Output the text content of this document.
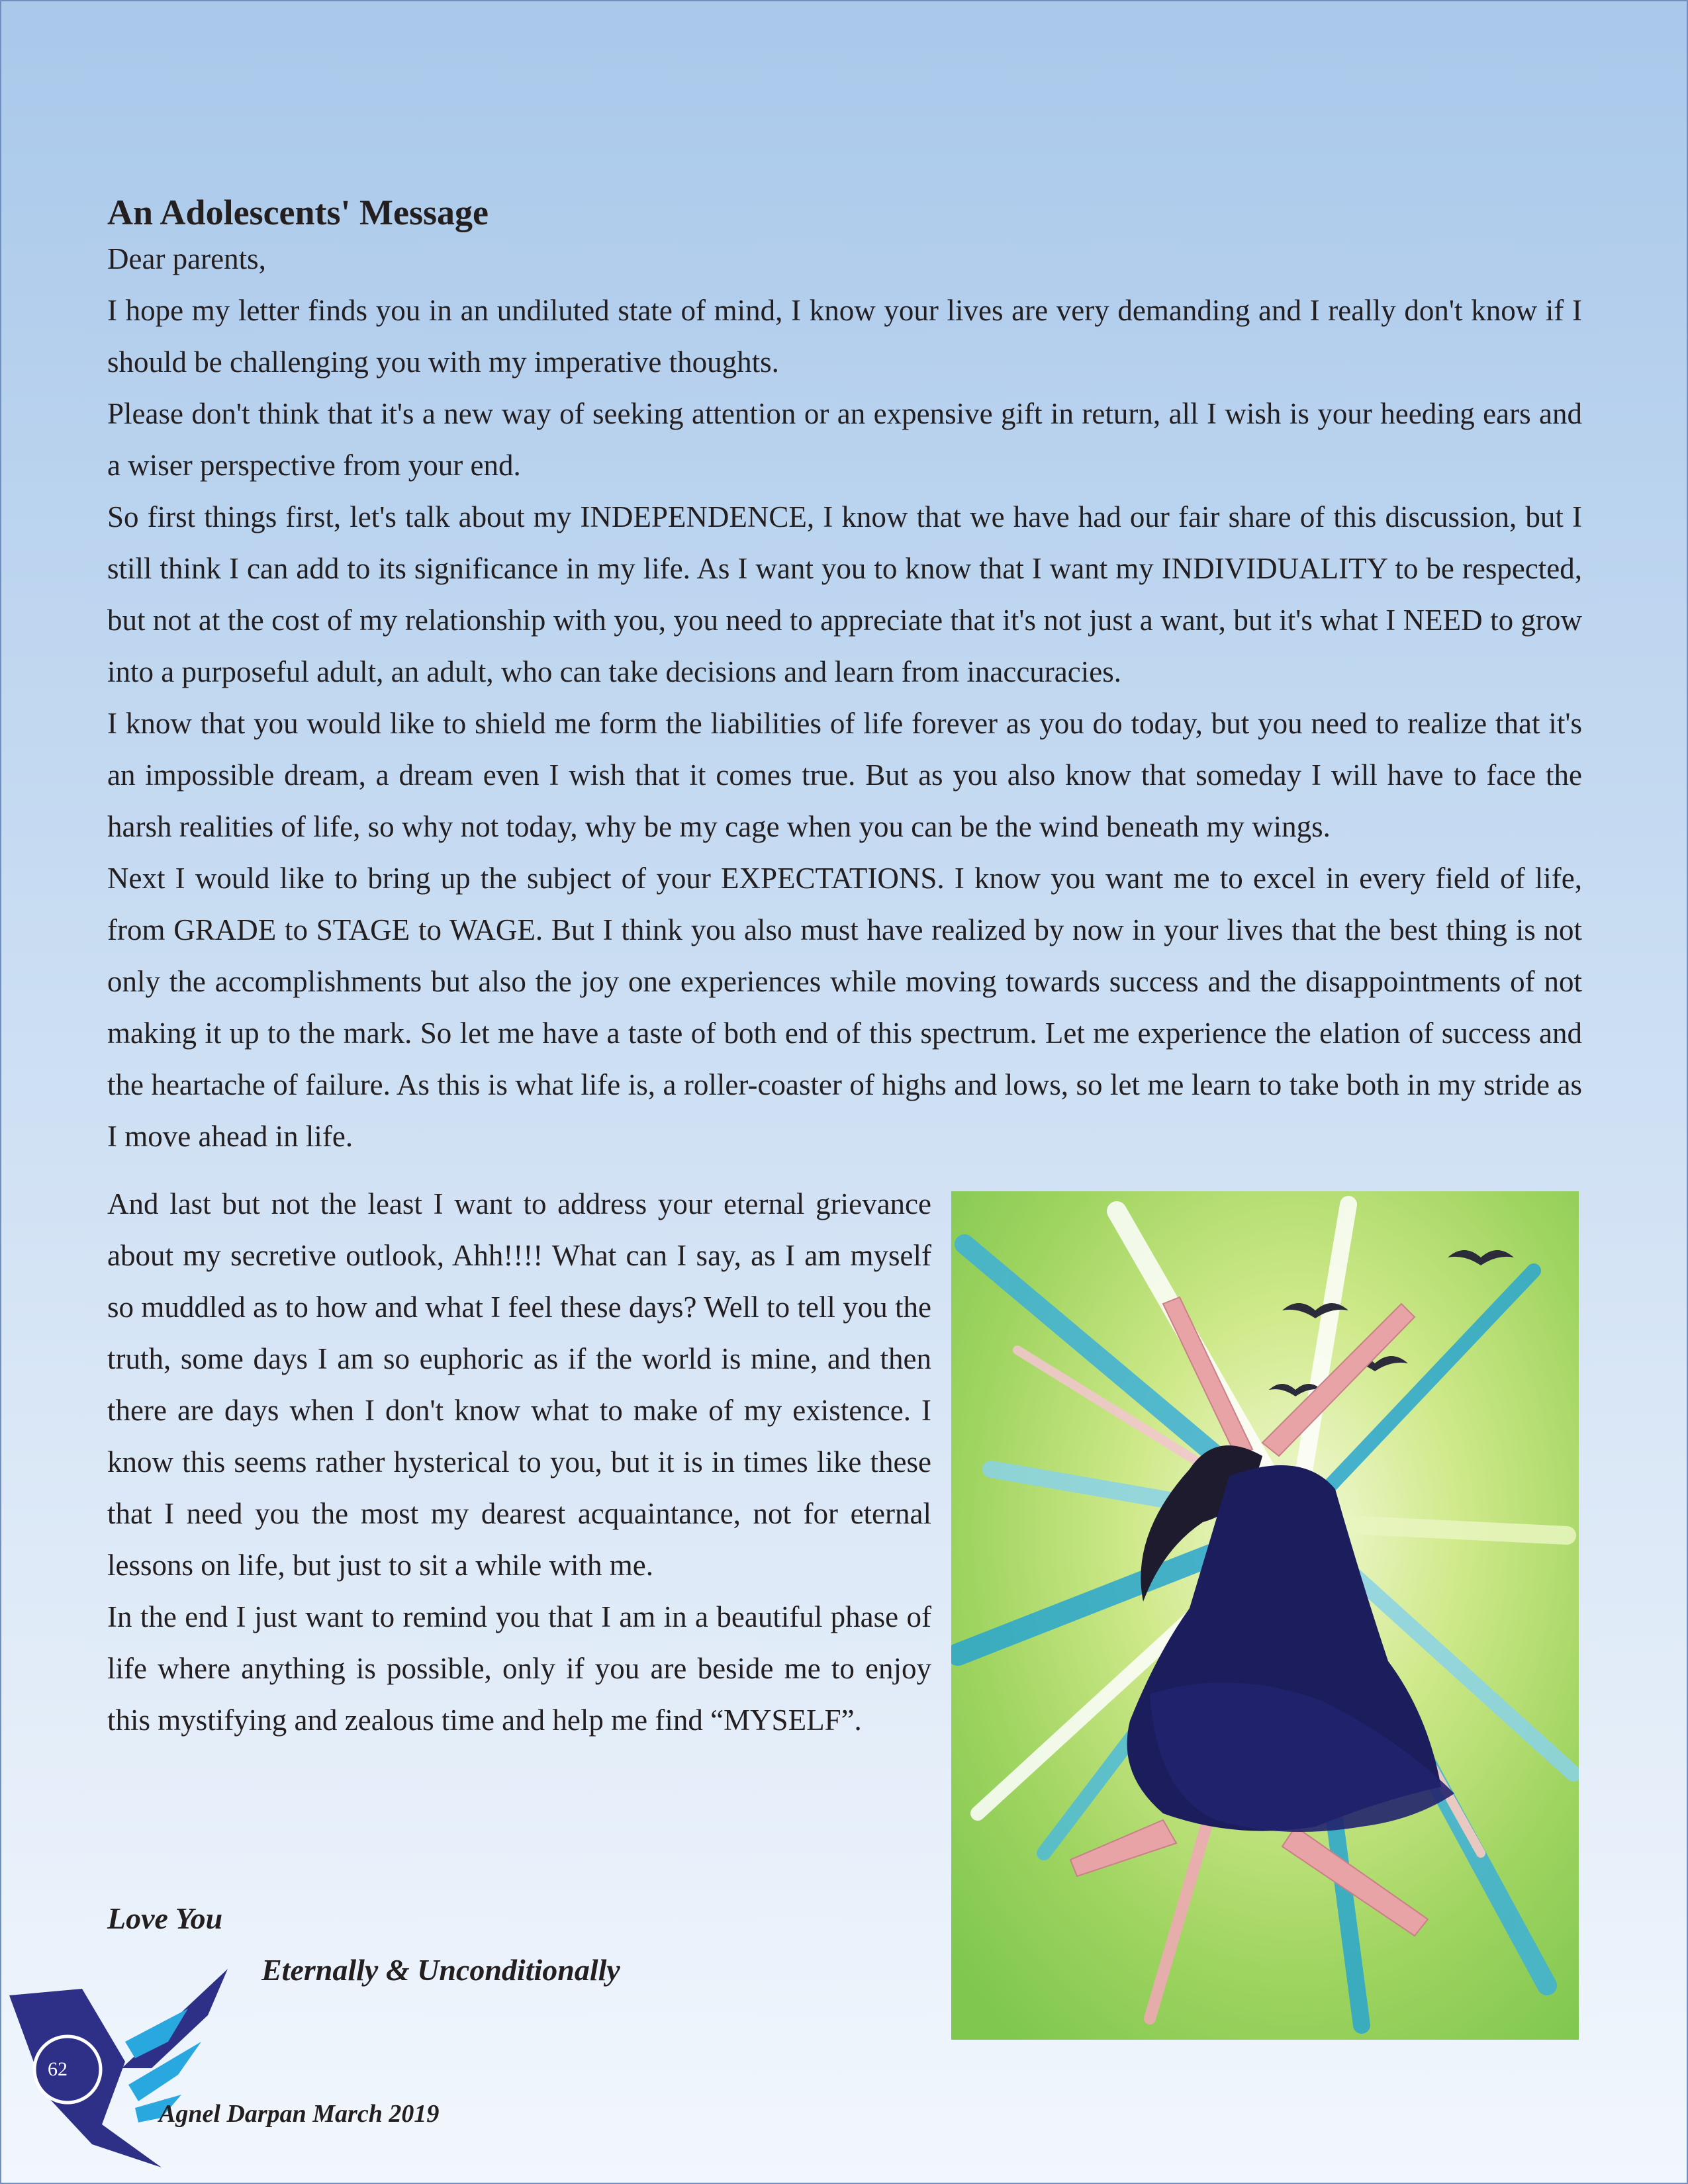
An Adolescents' Message

Dear parents,

I hope my letter finds you in an undiluted state of mind, I know your lives are very demanding and I really don't know if I should be challenging you with my imperative thoughts.

Please don't think that it's a new way of seeking attention or an expensive gift in return, all I wish is your heeding ears and a wiser perspective from your end.

So first things first, let's talk about my INDEPENDENCE, I know that we have had our fair share of this discussion, but I still think I can add to its significance in my life. As I want you to know that I want my INDIVIDUALITY to be respected, but not at the cost of my relationship with you, you need to appreciate that it's not just a want, but it's what I NEED to grow into a purposeful adult, an adult, who can take decisions and learn from inaccuracies.

I know that you would like to shield me form the liabilities of life forever as you do today, but you need to realize that it's an impossible dream, a dream even I wish that it comes true. But as you also know that someday I will have to face the harsh realities of life, so why not today, why be my cage when you can be the wind beneath my wings.

Next I would like to bring up the subject of your EXPECTATIONS. I know you want me to excel in every field of life, from GRADE to STAGE to WAGE. But I think you also must have realized by now in your lives that the best thing is not only the accomplishments but also the joy one experiences while moving towards success and the disappointments of not making it up to the mark. So let me have a taste of both end of this spectrum. Let me experience the elation of success and the heartache of failure. As this is what life is, a roller-coaster of highs and lows, so let me learn to take both in my stride as I move ahead in life.

And last but not the least I want to address your eternal grievance about my secretive outlook, Ahh!!!! What can I say, as I am myself so muddled as to how and what I feel these days? Well to tell you the truth, some days I am so euphoric as if the world is mine, and then there are days when I don't know what to make of my existence. I know this seems rather hysterical to you, but it is in times like these that I need you the most my dearest acquaintance, not for eternal lessons on life, but just to sit a while with me.

In the end I just want to remind you that I am in a beautiful phase of life where anything is possible, only if you are beside me to enjoy this mystifying and zealous time and help me find “MYSELF”.

Love You
Eternally & Unconditionally
62
Agnel Darpan March 2019
